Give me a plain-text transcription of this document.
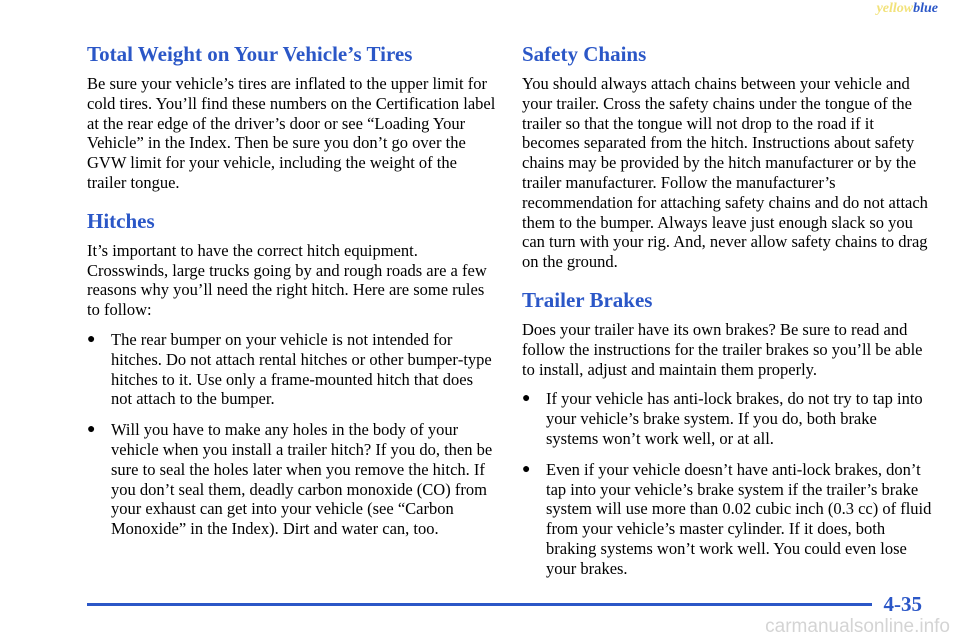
yellowblue
Total Weight on Your Vehicle’s Tires

Be sure your vehicle’s tires are inflated to the upper limit for cold tires. You’ll find these numbers on the Certification label at the rear edge of the driver’s door or see “Loading Your Vehicle” in the Index. Then be sure you don’t go over the GVW limit for your vehicle, including the weight of the trailer tongue.

Hitches

It’s important to have the correct hitch equipment. Crosswinds, large trucks going by and rough roads are a few reasons why you’ll need the right hitch. Here are some rules to follow:

● The rear bumper on your vehicle is not intended for hitches. Do not attach rental hitches or other bumper‐type hitches to it. Use only a frame‐mounted hitch that does not attach to the bumper.
● Will you have to make any holes in the body of your vehicle when you install a trailer hitch? If you do, then be sure to seal the holes later when you remove the hitch. If you don’t seal them, deadly carbon monoxide (CO) from your exhaust can get into your vehicle (see “Carbon Monoxide” in the Index). Dirt and water can, too.
Safety Chains

You should always attach chains between your vehicle and your trailer. Cross the safety chains under the tongue of the trailer so that the tongue will not drop to the road if it becomes separated from the hitch. Instructions about safety chains may be provided by the hitch manufacturer or by the trailer manufacturer. Follow the manufacturer’s recommendation for attaching safety chains and do not attach them to the bumper. Always leave just enough slack so you can turn with your rig. And, never allow safety chains to drag on the ground.

Trailer Brakes

Does your trailer have its own brakes? Be sure to read and follow the instructions for the trailer brakes so you’ll be able to install, adjust and maintain them properly.

● If your vehicle has anti‐lock brakes, do not try to tap into your vehicle’s brake system. If you do, both brake systems won’t work well, or at all.
● Even if your vehicle doesn’t have anti‐lock brakes, don’t tap into your vehicle’s brake system if the trailer’s brake system will use more than 0.02 cubic inch (0.3 cc) of fluid from your vehicle’s master cylinder. If it does, both braking systems won’t work well. You could even lose your brakes.
4-35
carmanualsonline.info
